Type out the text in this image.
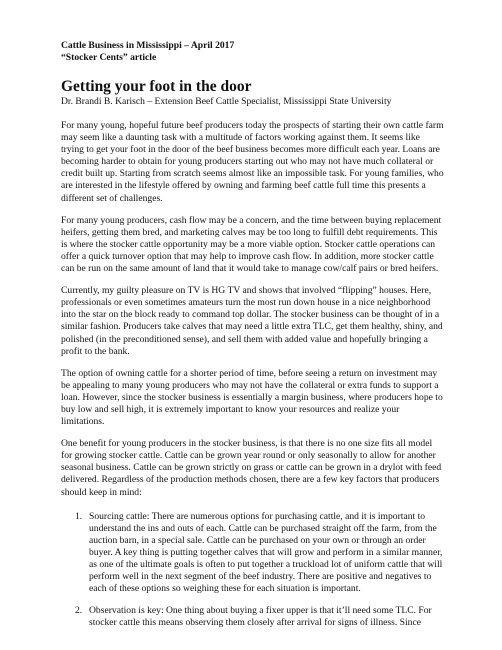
Cattle Business in Mississippi – April 2017

“Stocker Cents” article

Getting your foot in the door

Dr. Brandi B. Karisch – Extension Beef Cattle Specialist, Mississippi State University

For many young, hopeful future beef producers today the prospects of starting their own cattle farm may seem like a daunting task with a multitude of factors working against them. It seems like trying to get your foot in the door of the beef business becomes more difficult each year. Loans are becoming harder to obtain for young producers starting out who may not have much collateral or credit built up. Starting from scratch seems almost like an impossible task. For young families, who are interested in the lifestyle offered by owning and farming beef cattle full time this presents a different set of challenges.

For many young producers, cash flow may be a concern, and the time between buying replacement heifers, getting them bred, and marketing calves may be too long to fulfill debt requirements. This is where the stocker cattle opportunity may be a more viable option. Stocker cattle operations can offer a quick turnover option that may help to improve cash flow. In addition, more stocker cattle can be run on the same amount of land that it would take to manage cow/calf pairs or bred heifers.

Currently, my guilty pleasure on TV is HG TV and shows that involved “flipping” houses. Here, professionals or even sometimes amateurs turn the most run down house in a nice neighborhood into the star on the block ready to command top dollar. The stocker business can be thought of in a similar fashion. Producers take calves that may need a little extra TLC, get them healthy, shiny, and polished (in the preconditioned sense), and sell them with added value and hopefully bringing a profit to the bank.

The option of owning cattle for a shorter period of time, before seeing a return on investment may be appealing to many young producers who may not have the collateral or extra funds to support a loan. However, since the stocker business is essentially a margin business, where producers hope to buy low and sell high, it is extremely important to know your resources and realize your limitations.

One benefit for young producers in the stocker business, is that there is no one size fits all model for growing stocker cattle. Cattle can be grown year round or only seasonally to allow for another seasonal business. Cattle can be grown strictly on grass or cattle can be grown in a drylot with feed delivered. Regardless of the production methods chosen, there are a few key factors that producers should keep in mind:

1. Sourcing cattle: There are numerous options for purchasing cattle, and it is important to understand the ins and outs of each. Cattle can be purchased straight off the farm, from the auction barn, in a special sale. Cattle can be purchased on your own or through an order buyer. A key thing is putting together calves that will grow and perform in a similar manner, as one of the ultimate goals is often to put together a truckload lot of uniform cattle that will perform well in the next segment of the beef industry. There are positive and negatives to each of these options so weighing these for each situation is important.
2. Observation is key: One thing about buying a fixer upper is that it’ll need some TLC. For stocker cattle this means observing them closely after arrival for signs of illness. Since
